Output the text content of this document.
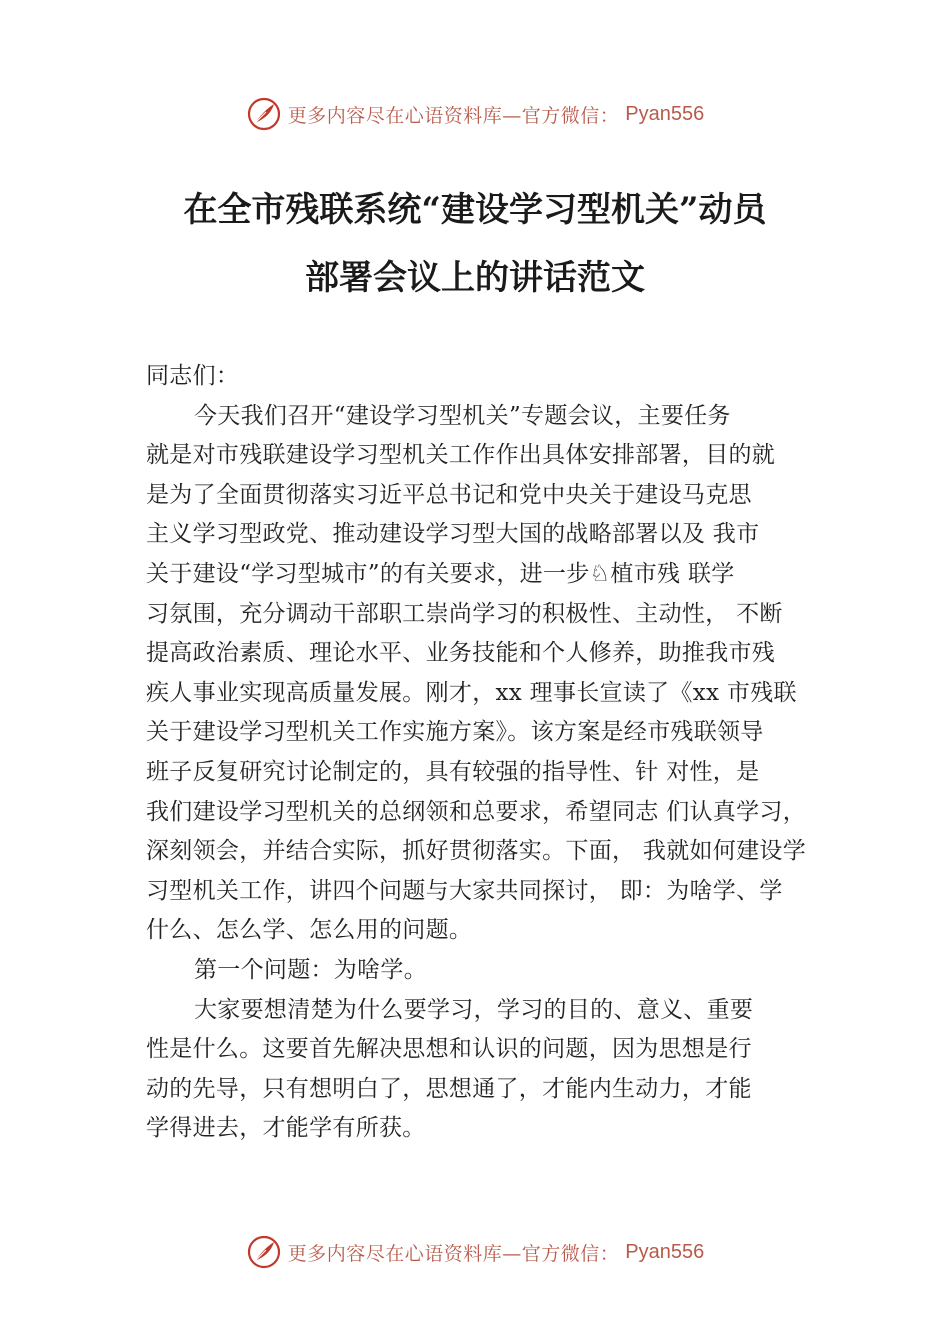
更多内容尽在心语资料库—官方微信： Pyan556
在全市残联系统“建设学习型机关”动员
部署会议上的讲话范文

同志们：

今天我们召开“建设学习型机关”专题会议，主要任务

就是对市残联建设学习型机关工作作出具体安排部署，目的就

是为了全面贯彻落实习近平总书记和党中央关于建设马克思

主义学习型政党、推动建设学习型大国的战略部署以及 我市

关于建设“学习型城市”的有关要求，进一步♘植市残 联学

习氛围，充分调动干部职工崇尚学习的积极性、主动性， 不断

提高政治素质、理论水平、业务技能和个人修养，助推我市残

疾人事业实现高质量发展。刚才，xx 理事长宣读了《xx 市残联

关于建设学习型机关工作实施方案》。该方案是经市残联领导

班子反复研究讨论制定的，具有较强的指导性、针 对性，是

我们建设学习型机关的总纲领和总要求，希望同志 们认真学习，

深刻领会，并结合实际，抓好贯彻落实。下面， 我就如何建设学

习型机关工作，讲四个问题与大家共同探讨， 即：为啥学、学

什么、怎么学、怎么用的问题。

第一个问题：为啥学。

大家要想清楚为什么要学习，学习的目的、意义、重要

性是什么。这要首先解决思想和认识的问题，因为思想是行

动的先导，只有想明白了，思想通了，才能内生动力，才能

学得进去，才能学有所获。

更多内容尽在心语资料库—官方微信： Pyan556
